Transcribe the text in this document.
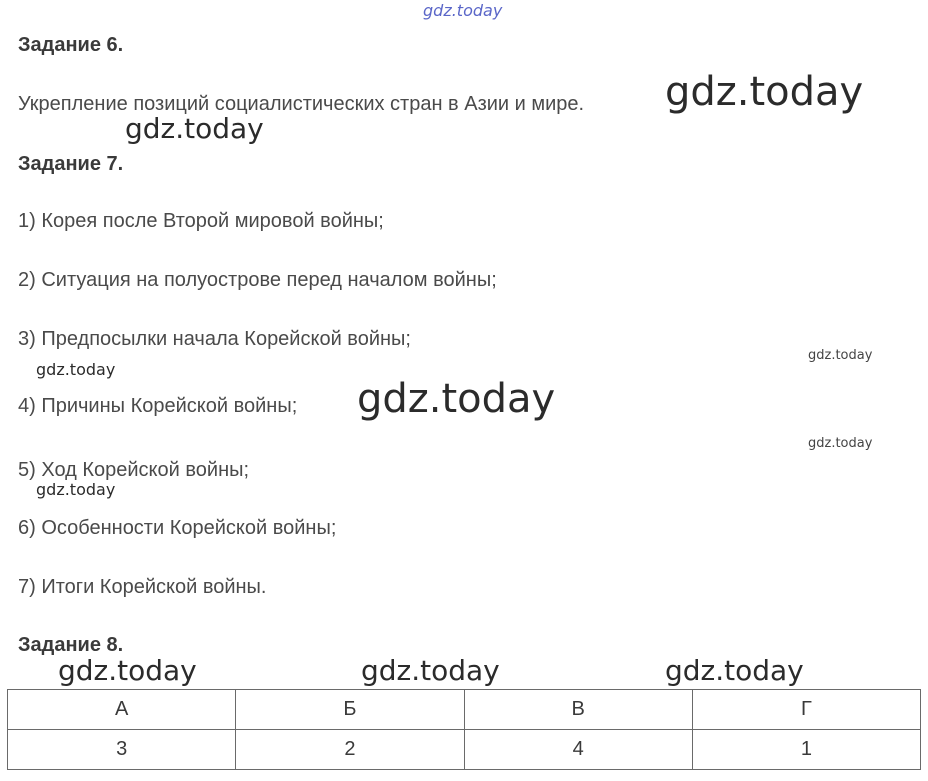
gdz.today
gdz.today
gdz.today
gdz.today
gdz.today
gdz.today
gdz.today
gdz.today
gdz.today	gdz.today	gdz.today
Задание 6.

Укрепление позиций социалистических стран в Азии и мире.

Задание 7.

1) Корея после Второй мировой войны;

2) Ситуация на полуострове перед началом войны;

3) Предпосылки начала Корейской войны;

4) Причины Корейской войны;

5) Ход Корейской войны;

6) Особенности Корейской войны;

7) Итоги Корейской войны.

Задание 8.
А	Б	В	Г
3	2	4	1
